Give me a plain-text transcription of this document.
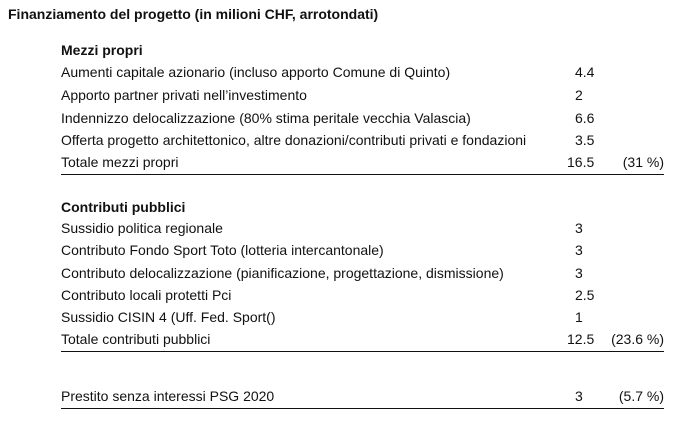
Finanziamento del progetto (in milioni CHF, arrotondati)
Mezzi propri
Aumenti capitale azionario (incluso apporto Comune di Quinto)	4.4
Apporto partner privati nell’investimento	2
Indennizzo delocalizzazione (80% stima peritale vecchia Valascia)	6.6
Offerta progetto architettonico, altre donazioni/contributi privati e fondazioni	3.5
Totale mezzi propri	16.5 (31 %)
Contributi pubblici
Sussidio politica regionale	3
Contributo Fondo Sport Toto (lotteria intercantonale)	3
Contributo delocalizzazione (pianificazione, progettazione, dismissione)	3
Contributo locali protetti Pci	2.5
Sussidio CISIN 4 (Uff. Fed. Sport()	1
Totale contributi pubblici	12.5 (23.6 %)
Prestito senza interessi PSG 2020	3	(5.7 %)
